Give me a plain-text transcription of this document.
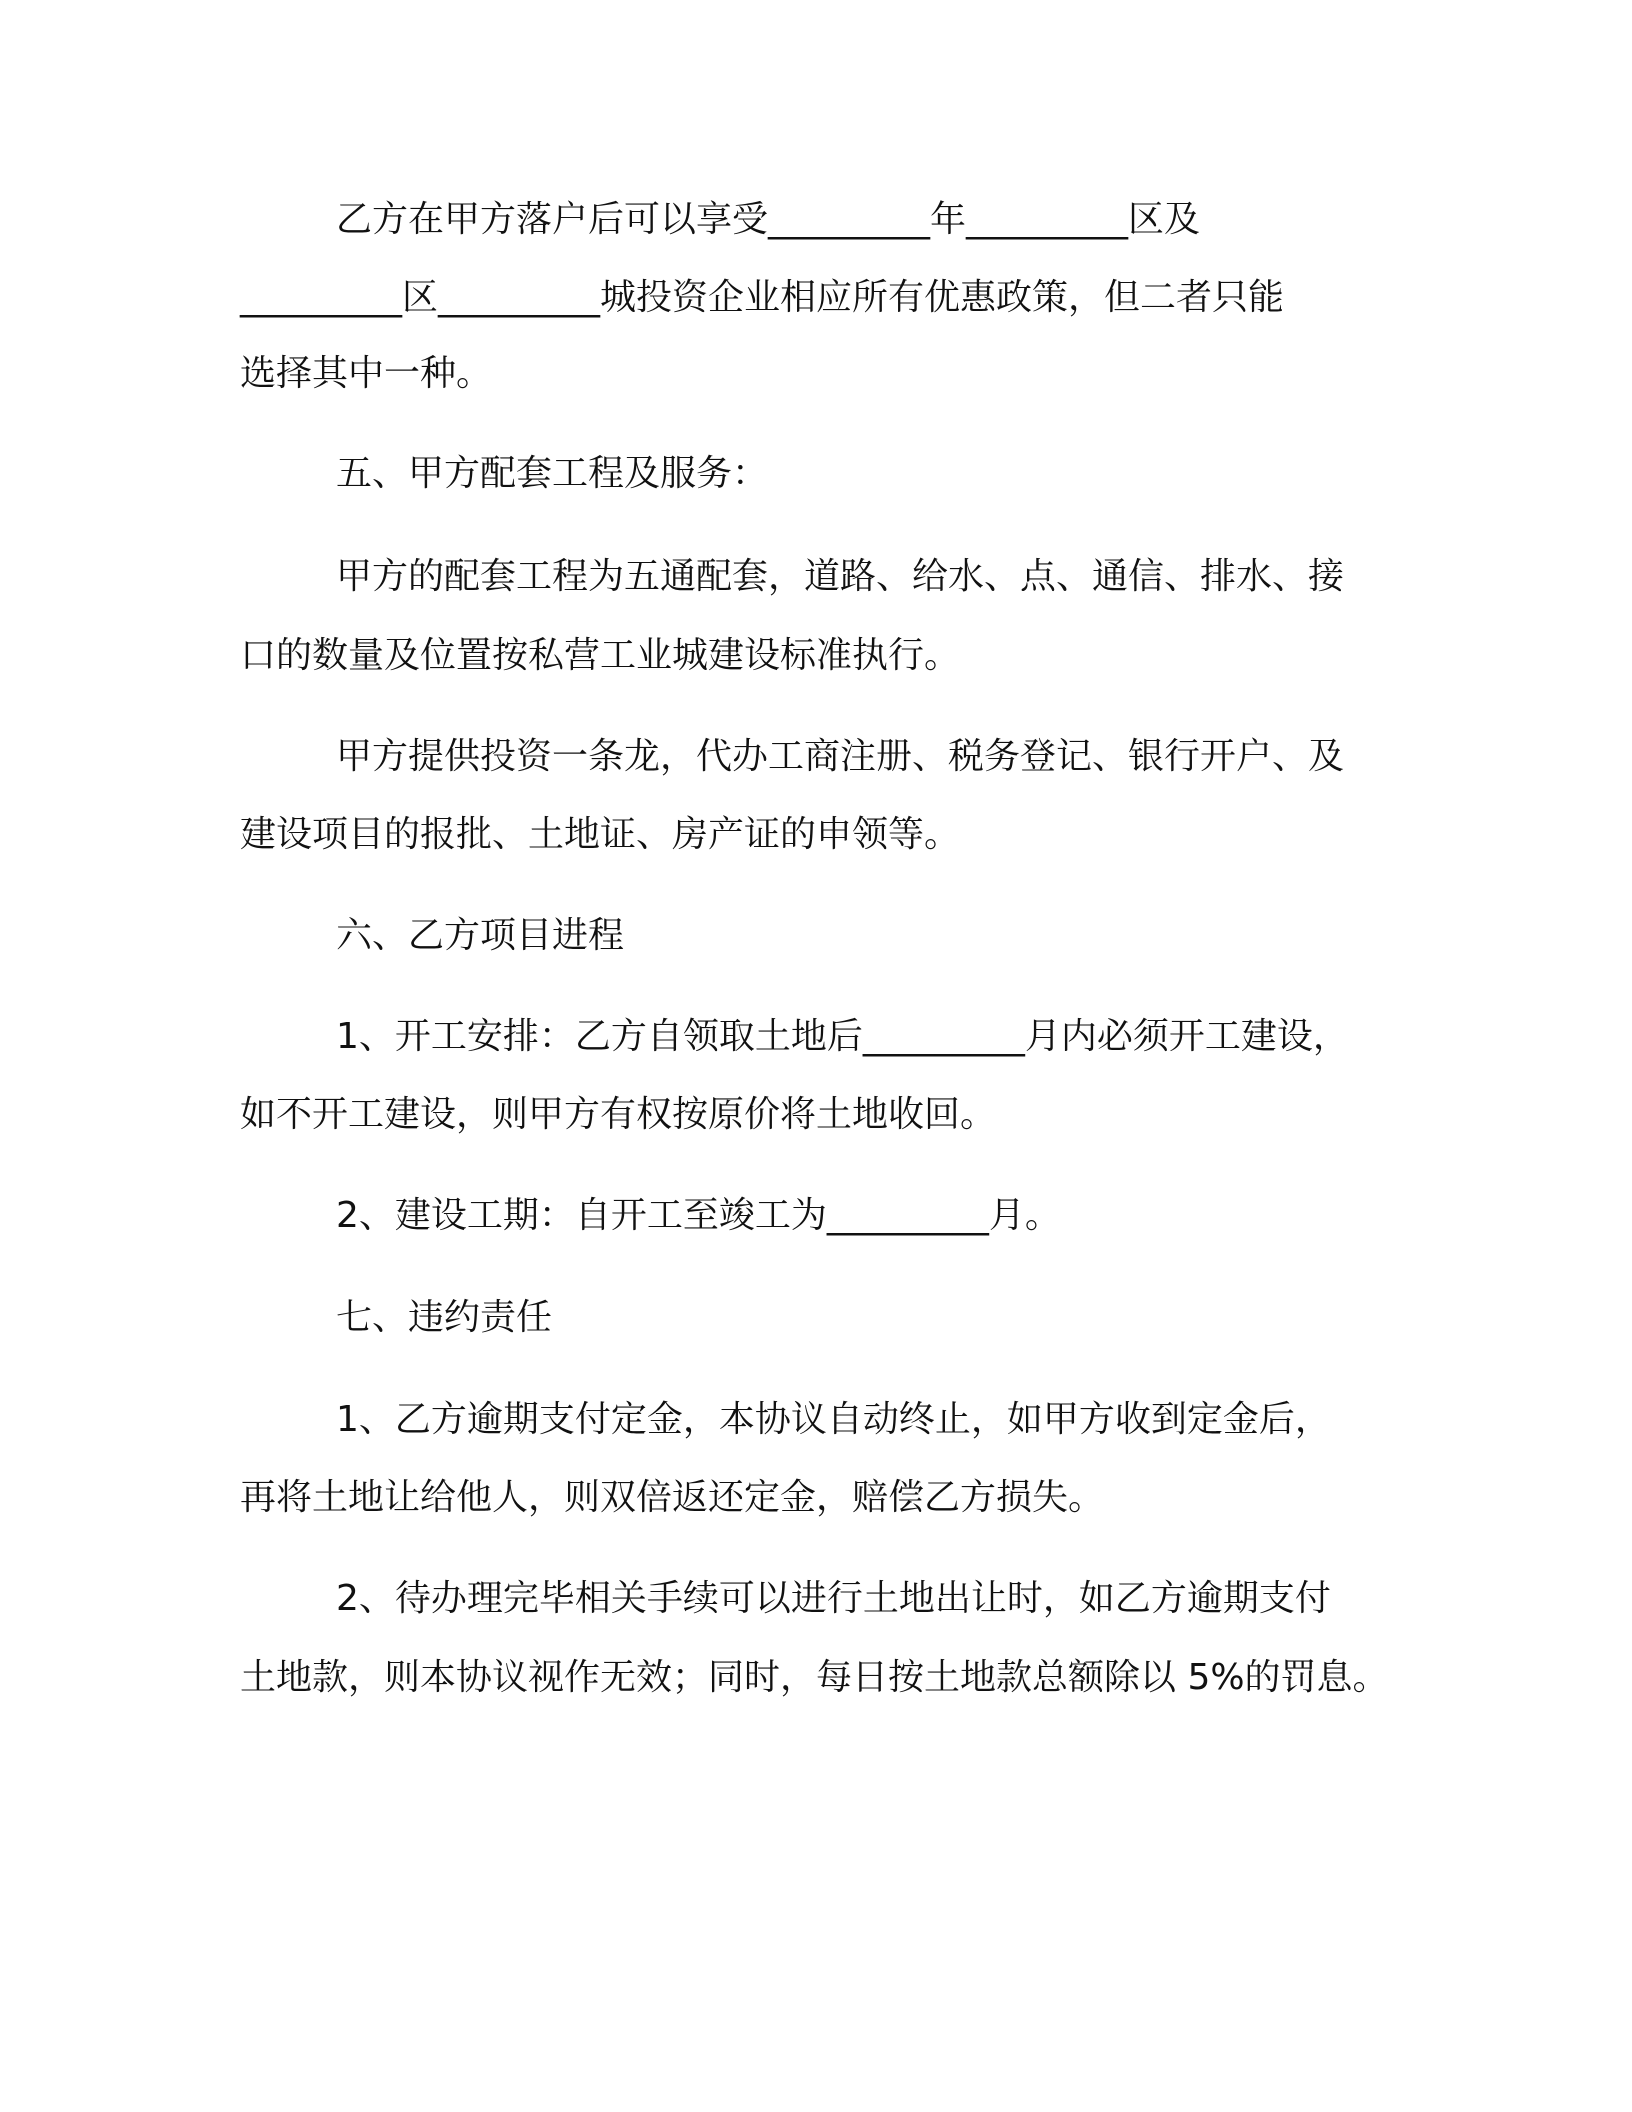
乙方在甲方落户后可以享受_________年_________区及
_________区_________城投资企业相应所有优惠政策，但二者只能
选择其中一种。
五、甲方配套工程及服务：
甲方的配套工程为五通配套，道路、给水、点、通信、排水、接
口的数量及位置按私营工业城建设标准执行。
甲方提供投资一条龙，代办工商注册、税务登记、银行开户、及
建设项目的报批、土地证、房产证的申领等。
六、乙方项目进程
1、开工安排：乙方自领取土地后_________月内必须开工建设，
如不开工建设，则甲方有权按原价将土地收回。
2、建设工期：自开工至竣工为_________月。
七、违约责任
1、乙方逾期支付定金，本协议自动终止，如甲方收到定金后，
再将土地让给他人，则双倍返还定金，赔偿乙方损失。
2、待办理完毕相关手续可以进行土地出让时，如乙方逾期支付
土地款，则本协议视作无效；同时，每日按土地款总额除以 5%的罚息。
